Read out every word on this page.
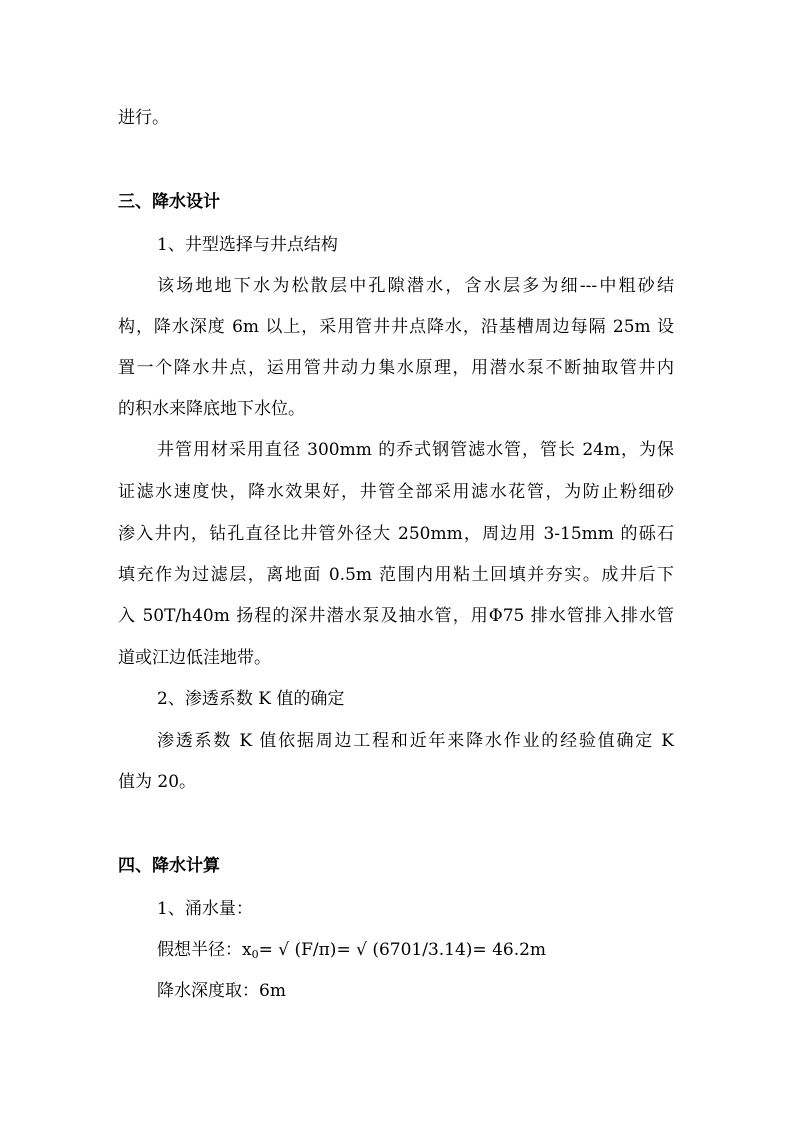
进行。
三、降水设计
1、井型选择与井点结构
该场地地下水为松散层中孔隙潜水，含水层多为细---中粗砂结
构，降水深度 6m 以上，采用管井井点降水，沿基槽周边每隔 25m 设
置一个降水井点，运用管井动力集水原理，用潜水泵不断抽取管井内
的积水来降底地下水位。
井管用材采用直径 300mm 的乔式钢管滤水管，管长 24m，为保
证滤水速度快，降水效果好，井管全部采用滤水花管，为防止粉细砂
渗入井内，钻孔直径比井管外径大 250mm，周边用 3-15mm 的砾石
填充作为过滤层，离地面 0.5m 范围内用粘土回填并夯实。成井后下
入 50T/h40m 扬程的深井潜水泵及抽水管，用Φ75 排水管排入排水管
道或江边低洼地带。
2、渗透系数 K 值的确定
渗透系数 K 值依据周边工程和近年来降水作业的经验值确定 K
值为 20。
四、降水计算
1、涌水量：
假想半径：$x_0=$ √ (F/π)= √ (6701/3.14)= 46.2m
降水深度取：6m
